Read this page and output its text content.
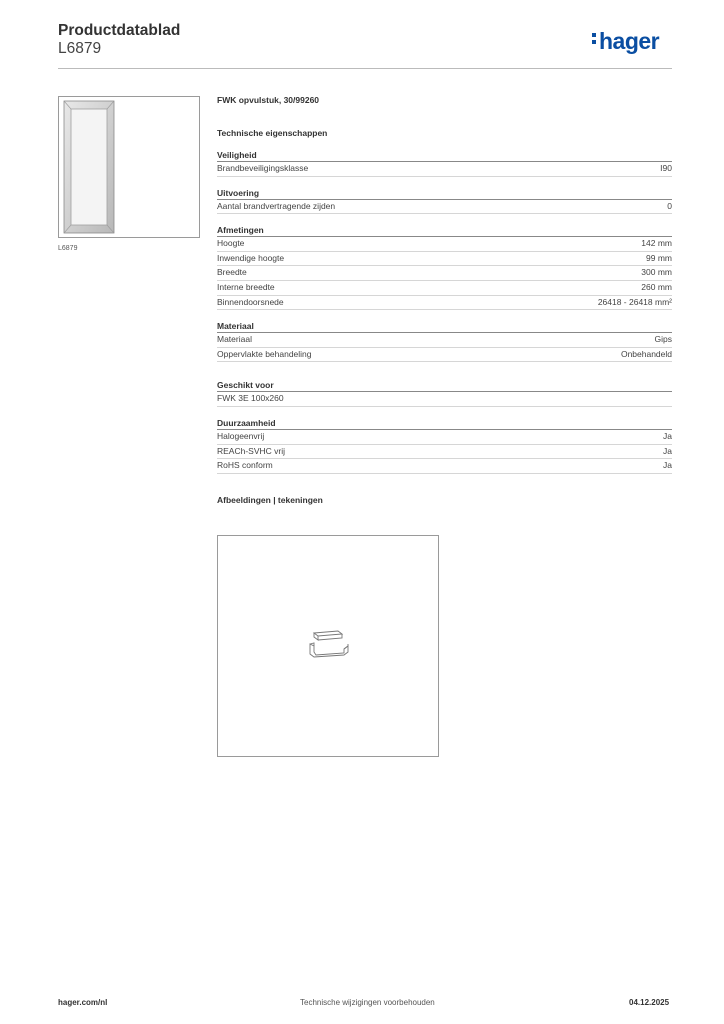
Productdatablad
L6879	hager
L6879
FWK opvulstuk, 30/99260
Technische eigenschappen
Veiligheid
Brandbeveiligingsklasse	I90
Uitvoering
Aantal brandvertragende zijden	0
Afmetingen
Hoogte	142 mm
Inwendige hoogte	99 mm
Breedte	300 mm
Interne breedte	260 mm
Binnendoorsnede	26418 - 26418 mm²
Materiaal
Materiaal	Gips
Oppervlakte behandeling	Onbehandeld
Geschikt voor
FWK 3E 100x260
Duurzaamheid
Halogeenvrij	Ja
REACh-SVHC vrij	Ja
RoHS conform	Ja
Afbeeldingen | tekeningen
hager.com/nl	Technische wijzigingen voorbehouden	04.12.2025
